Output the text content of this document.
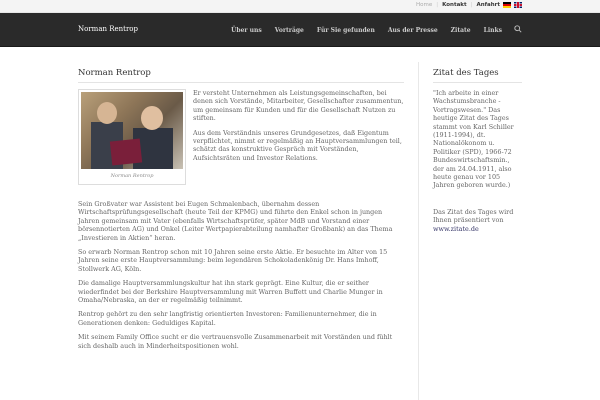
Home | Kontakt | Anfahrt
Norman Rentrop	Über uns Vorträge Für Sie gefunden Aus der Presse Zitate Links
Norman Rentrop
Norman Rentrop

Er versteht Unternehmen als Leistungsgemeinschaften, bei denen sich Vorstände, Mitarbeiter, Gesellschafter zusammentun, um gemeinsam für Kunden und für die Gesellschaft Nutzen zu stiften.

Aus dem Verständnis unseres Grundgesetzes, daß Eigentum verpflichtet, nimmt er regelmäßig an Hauptversammlungen teil, schätzt das konstruktive Gespräch mit Vorständen, Aufsichtsräten und Investor Relations.

Sein Großvater war Assistent bei Eugen Schmalenbach, übernahm dessen Wirtschaftsprüfungsgesellschaft (heute Teil der KPMG) und führte den Enkel schon in jungen Jahren gemeinsam mit Vater (ebenfalls Wirtschaftsprüfer, später MdB und Vorstand einer börsennotierten AG) und Onkel (Leiter Wertpapierabteilung namhafter Großbank) an das Thema „Investieren in Aktien“ heran.

So erwarb Norman Rentrop schon mit 10 Jahren seine erste Aktie. Er besuchte im Alter von 15 Jahren seine erste Hauptversammlung: beim legendären Schokoladenkönig Dr. Hans Imhoff, Stollwerk AG, Köln.

Die damalige Hauptversammlungskultur hat ihn stark geprägt. Eine Kultur, die er seither wiederfindet bei der Berkshire Hauptversammlung mit Warren Buffett und Charlie Munger in Omaha/Nebraska, an der er regelmäßig teilnimmt.

Rentrop gehört zu den sehr langfristig orientierten Investoren: Familienunternehmer, die in Generationen denken: Geduldiges Kapital.

Mit seinem Family Office sucht er die vertrauensvolle Zusammenarbeit mit Vorständen und fühlt sich deshalb auch in Minderheitspositionen wohl.

Zitat des Tages
"Ich arbeite in einer Wachstumsbranche - Vortragswesen." Das heutige Zitat des Tages stammt von Karl Schiller (1911-1994), dt. Nationalökonom u. Politiker (SPD), 1966-72 Bundeswirtschaftsmin., der am 24.04.1911, also heute genau vor 105 Jahren geboren wurde.)
Das Zitat des Tages wird Ihnen präsentiert von
www.zitate.de
